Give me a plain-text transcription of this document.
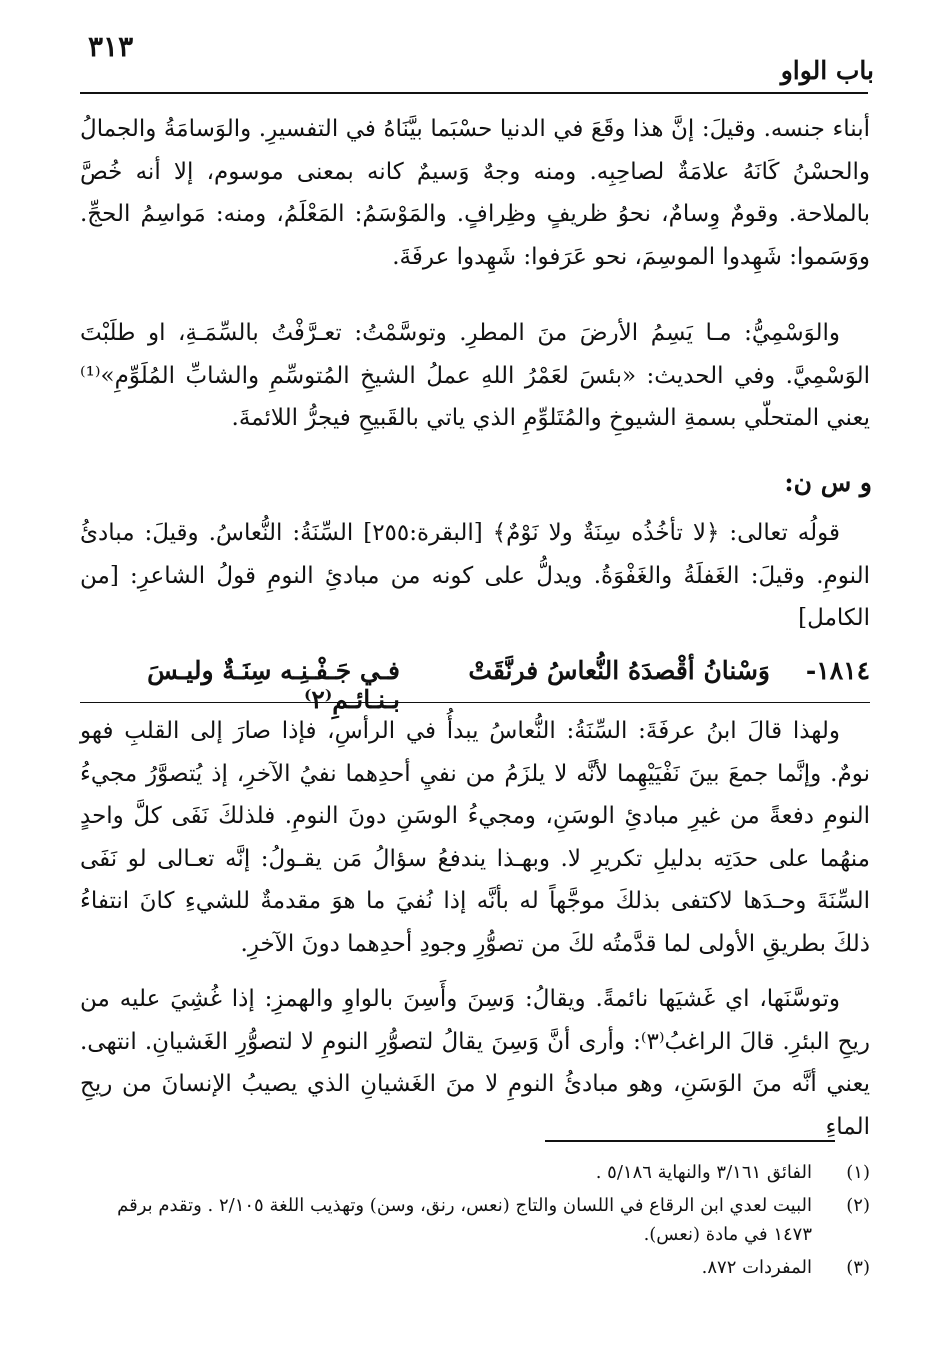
٣١٣
باب الواو

أبناء جنسه. وقيلَ: إنَّ هذا وقَعَ في الدنيا حسْبَما بيَّنَاهُ في التفسيرِ. والوَسامَةُ والجمالُ والحسْنُ كَانَهُ علامَةٌ لصاحِبِه. ومنه وجهٌ وَسيمٌ كانه بمعنى موسوم، إلا أنه خُصَّ بالملاحة. وقومٌ وِسامٌ، نحوُ ظريفٍ وظِرافٍ. والمَوْسَمُ: المَعْلَمُ، ومنه: مَواسِمُ الحجِّ. ووَسَموا: شَهِدوا الموسِمَ، نحو عَرَفوا: شَهِدوا عرفَةَ.

والوَسْمِيُّ: مـا يَسِمُ الأرضَ منَ المطرِ. وتوسَّمْتُ: تعـرَّفْتُ بالسِّمَـةِ، او طلَبْتَ الوَسْمِيَّ. وفي الحديث: «بئسَ لعَمْرُ اللهِ عملُ الشيخِ المُتوسِّمِ والشابِّ المُلَوِّمِ»⁽¹⁾ يعني المتحلّي بسمةِ الشيوخِ والمُتَلوِّمِ الذي ياتي بالقَبيحِ فيجرُّ اللائمةَ.

و س ن:

قولُه تعالى: ﴿لا تأخُذُه سِنَةٌ ولا نَوْمٌ﴾ [البقرة:٢٥٥] السِّنَةُ: النُّعاسُ. وقيلَ: مبادئُ النومِ. وقيلَ: الغَفلَةُ والغَفْوَةُ. ويدلُّ على كونه من مبادئِ النومِ قولُ الشاعرِ: [من الكامل]

١٨١٤-
وَسْنانُ أقْصدَهُ النُّعاسُ فرنَّقَتْ
فـي جَـفْـنِـه سِنَـةٌ وليـسَ بـنـائـمِ⁽٢⁾

ولهذا قالَ ابنُ عرفَةَ: السِّنَةُ: النُّعاسُ يبدأُ في الرأسِ، فإذا صارَ إلى القلبِ فهو نومٌ. وإنَّما جمعَ بينَ نَفْيَيْهِما لأنَّه لا يلزَمُ من نفيِ أحدِهما نفيُ الآخرِ، إذ يُتصوَّرُ مجيءُ النومِ دفعةً من غيرِ مبادئِ الوسَنِ، ومجيءُ الوسَنِ دونَ النومِ. فلذلكَ نَفَى كلَّ واحدٍ منهُما على حدَتِه بدليلِ تكريرِ لا. وبهـذا يندفعُ سؤالُ مَن يقـولُ: إنَّه تعـالى لو نَفَى السِّنَةَ وحـدَها لاكتفى بذلكَ موجَّهاً له بأنَّه إذا نُفيَ ما هوَ مقدمةٌ للشيءِ كانَ انتفاءُ ذلكَ بطريقِ الأولى لما قدَّمتُه لكَ من تصوُّرِ وجودِ أحدِهما دونَ الآخرِ.

وتوسَّنَها، اي غَشيَها نائمةً. ويقالُ: وَسِنَ وأَسِنَ بالواوِ والهمزِ: إذا غُشِيَ عليه من ريحِ البئرِ. قالَ الراغبُ⁽٣⁾: وأرى أنَّ وَسِنَ يقالُ لتصوُّرِ النومِ لا لتصوُّرِ الغَشيانِ. انتهى. يعني أنَّه منَ الوَسَنِ، وهو مبادئُ النومِ لا منَ الغَشيانِ الذي يصيبُ الإنسانَ من ريحِ الماءِ

(١)
الفائق ٣/١٦١ والنهاية ٥/١٨٦ .
(٢)
البيت لعدي ابن الرقاع في اللسان والتاج (نعس، رنق، وسن) وتهذيب اللغة ٢/١٠٥ . وتقدم برقم ١٤٧٣ في مادة (نعس).
(٣)
المفردات ٨٧٢.
